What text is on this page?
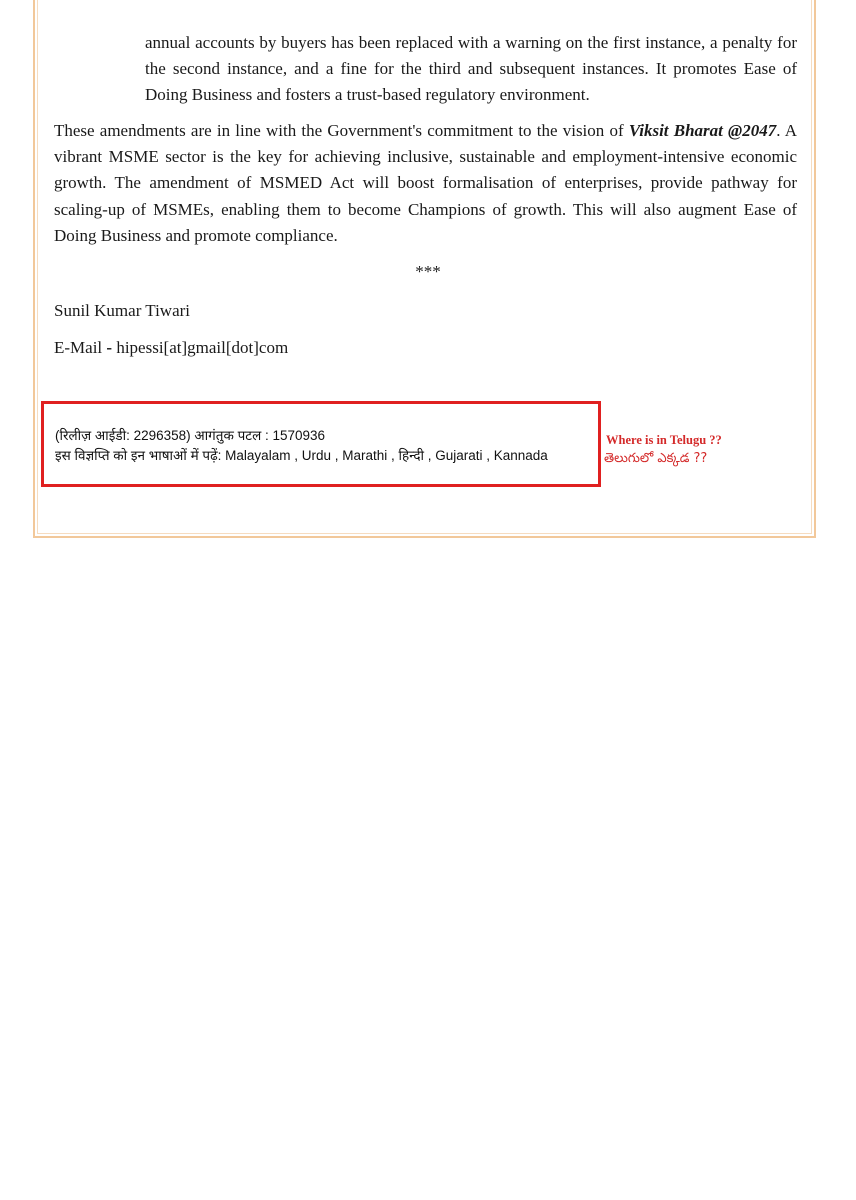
annual accounts by buyers has been replaced with a warning on the first instance, a penalty for the second instance, and a fine for the third and subsequent instances. It promotes Ease of Doing Business and fosters a trust-based regulatory environment.
These amendments are in line with the Government's commitment to the vision of Viksit Bharat @2047. A vibrant MSME sector is the key for achieving inclusive, sustainable and employment-intensive economic growth. The amendment of MSMED Act will boost formalisation of enterprises, provide pathway for scaling-up of MSMEs, enabling them to become Champions of growth. This will also augment Ease of Doing Business and promote compliance.
***
Sunil Kumar Tiwari
E-Mail - hipessi[at]gmail[dot]com
(रिलीज़ आईडी: 2296358) आगंतुक पटल : 1570936
इस विज्ञप्ति को इन भाषाओं में पढ़ें: Malayalam , Urdu , Marathi , हिन्दी , Gujarati , Kannada
Where is in Telugu ??
తెలుగులో ఎక్కడ ??
